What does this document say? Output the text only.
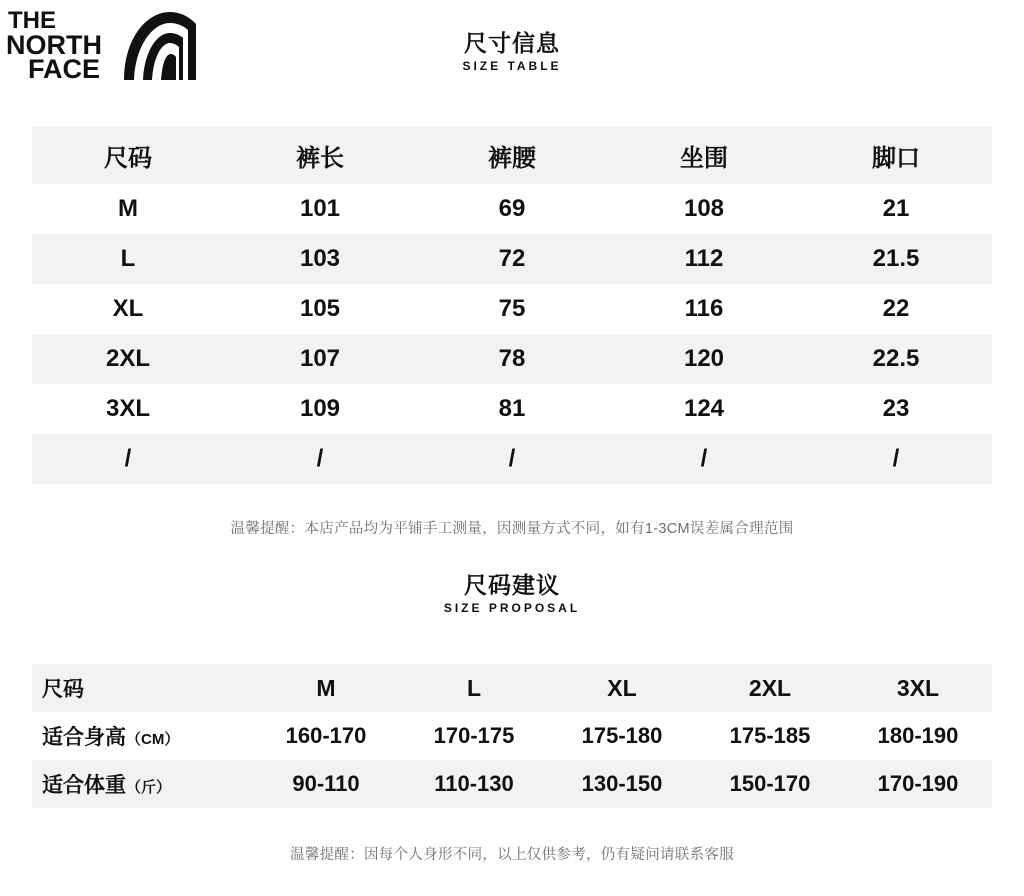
THE
NORTH
FACE
尺寸信息
SIZE TABLE
尺码	裤长	裤腰	坐围	脚口
M	101	69	108	21
L	103	72	112	21.5
XL	105	75	116	22
2XL	107	78	120	22.5
3XL	109	81	124	23
/	/	/	/	/
温馨提醒：本店产品均为平铺手工测量，因测量方式不同，如有1-3CM误差属合理范围
尺码建议
SIZE PROPOSAL
尺码	M	L	XL	2XL	3XL
适合身高（CM）	160-170	170-175	175-180	175-185	180-190
适合体重（斤）	90-110	110-130	130-150	150-170	170-190
温馨提醒：因每个人身形不同，以上仅供参考，仍有疑问请联系客服
